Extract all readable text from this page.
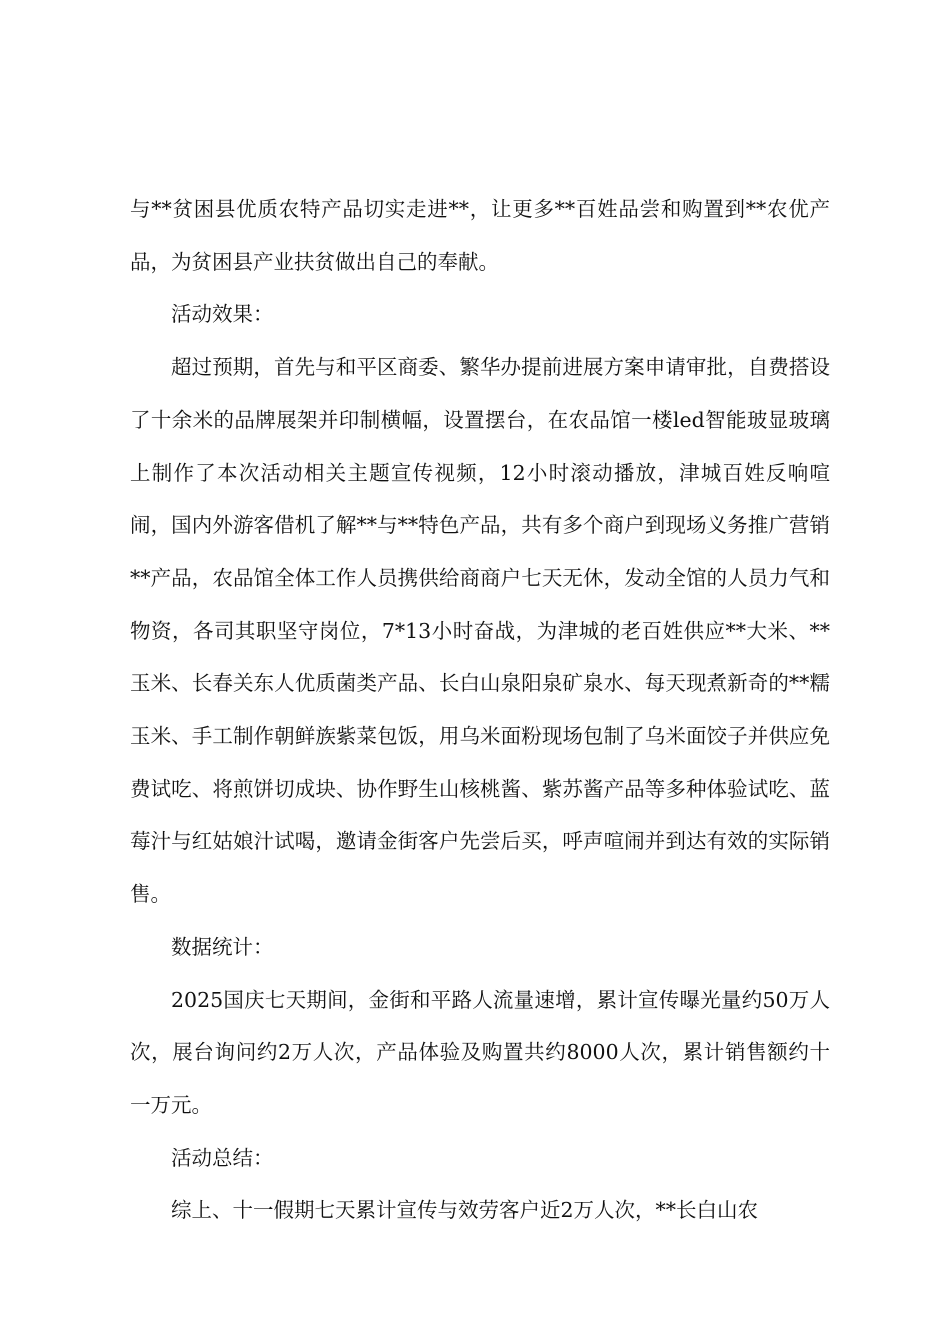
与**贫困县优质农特产品切实走进**，让更多**百姓品尝和购置到**农优产品，为贫困县产业扶贫做出自己的奉献。

活动效果：

超过预期，首先与和平区商委、繁华办提前进展方案申请审批，自费搭设了十余米的品牌展架并印制横幅，设置摆台，在农品馆一楼led智能玻显玻璃上制作了本次活动相关主题宣传视频，12小时滚动播放，津城百姓反响喧闹，国内外游客借机了解**与**特色产品，共有多个商户到现场义务推广营销**产品，农品馆全体工作人员携供给商商户七天无休，发动全馆的人员力气和物资，各司其职坚守岗位，7*13小时奋战，为津城的老百姓供应**大米、**玉米、长春关东人优质菌类产品、长白山泉阳泉矿泉水、每天现煮新奇的**糯玉米、手工制作朝鲜族紫菜包饭，用乌米面粉现场包制了乌米面饺子并供应免费试吃、将煎饼切成块、协作野生山核桃酱、紫苏酱产品等多种体验试吃、蓝莓汁与红姑娘汁试喝，邀请金街客户先尝后买，呼声喧闹并到达有效的实际销售。

数据统计：

2025国庆七天期间，金街和平路人流量速增，累计宣传曝光量约50万人次，展台询问约2万人次，产品体验及购置共约8000人次，累计销售额约十一万元。

活动总结：

综上、十一假期七天累计宣传与效劳客户近2万人次，**长白山农
